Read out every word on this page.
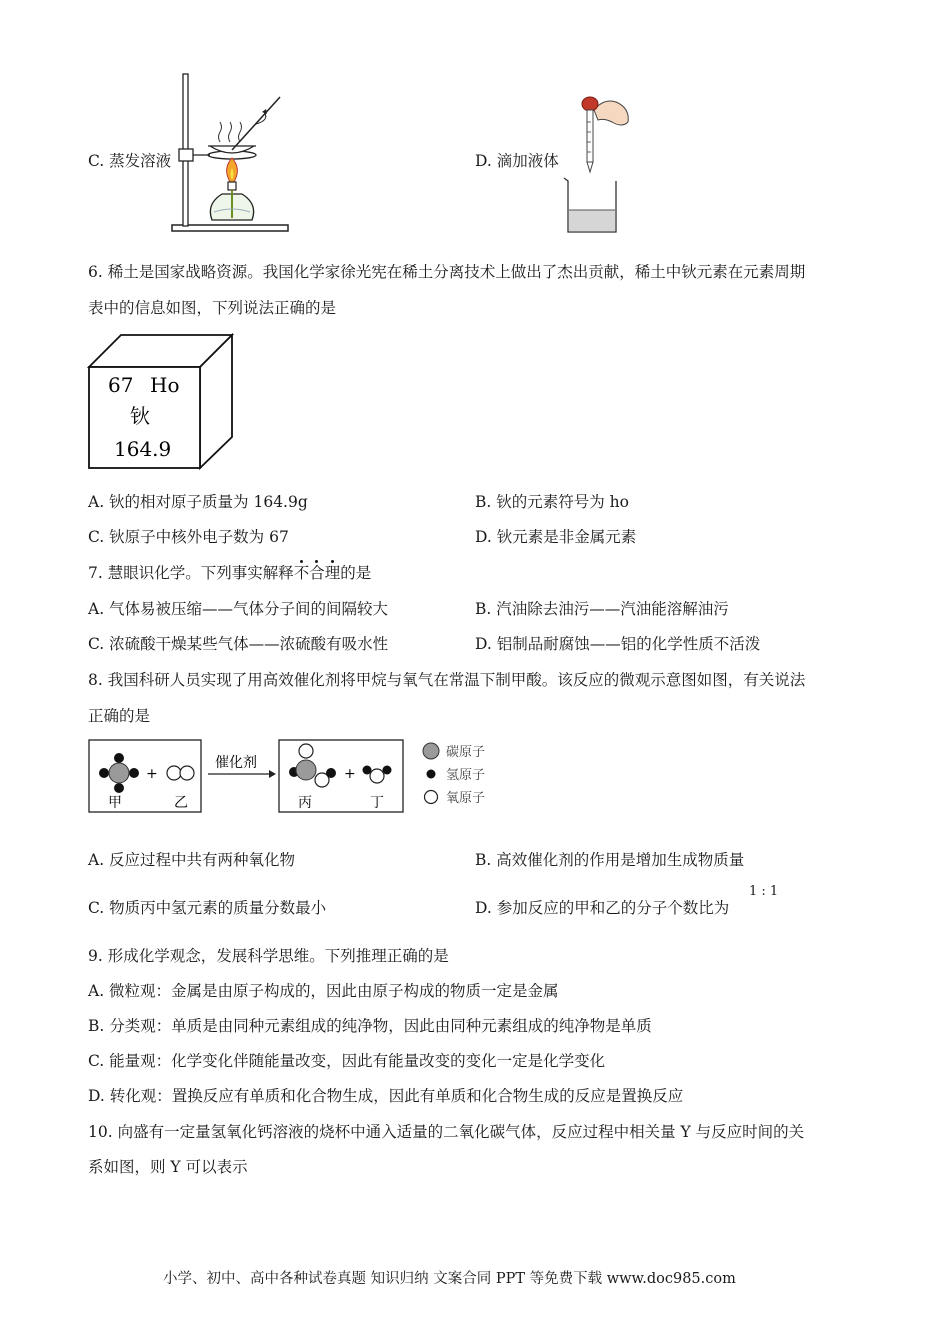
C. 蒸发溶液	D. 滴加液体
6. 稀土是国家战略资源。我国化学家徐光宪在稀土分离技术上做出了杰出贡献，稀土中钬元素在元素周期
表中的信息如图，下列说法正确的是
67 Ho
钬
164.9
A. 钬的相对原子质量为 164.9g	B. 钬的元素符号为 ho
C. 钬原子中核外电子数为 67	D. 钬元素是非金属元素
7. 慧眼识化学。下列事实解释不合理的是
A. 气体易被压缩——气体分子间的间隔较大	B. 汽油除去油污——汽油能溶解油污
C. 浓硫酸干燥某些气体——浓硫酸有吸水性	D. 铝制品耐腐蚀——铝的化学性质不活泼
8. 我国科研人员实现了用高效催化剂将甲烷与氧气在常温下制甲酸。该反应的微观示意图如图，有关说法
正确的是
+
甲	乙
催化剂
+
丙	丁
碳原子
氢原子
氧原子
A. 反应过程中共有两种氧化物	B. 高效催化剂的作用是增加生成物质量
C. 物质丙中氢元素的质量分数最小	D. 参加反应的甲和乙的分子个数比为
1 : 1
9. 形成化学观念，发展科学思维。下列推理正确的是
A. 微粒观：金属是由原子构成的，因此由原子构成的物质一定是金属
B. 分类观：单质是由同种元素组成的纯净物，因此由同种元素组成的纯净物是单质
C. 能量观：化学变化伴随能量改变，因此有能量改变的变化一定是化学变化
D. 转化观：置换反应有单质和化合物生成，因此有单质和化合物生成的反应是置换反应
10. 向盛有一定量氢氧化钙溶液的烧杯中通入适量的二氧化碳气体，反应过程中相关量 Y 与反应时间的关
系如图，则 Y 可以表示
小学、初中、高中各种试卷真题 知识归纳 文案合同 PPT 等免费下载 www.doc985.com
